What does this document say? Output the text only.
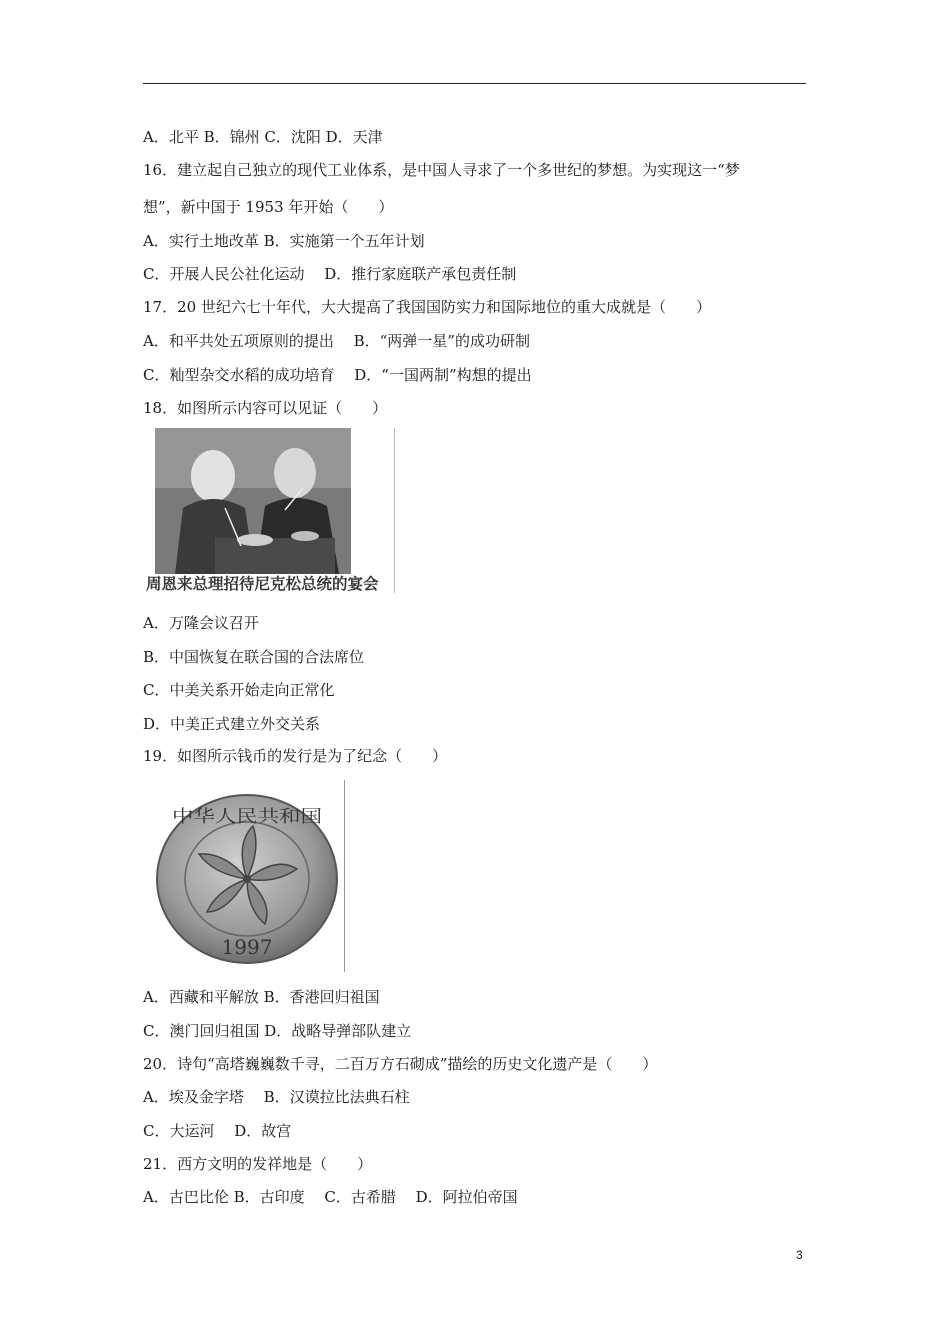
A．北平 B．锦州 C．沈阳 D．天津
16．建立起自己独立的现代工业体系，是中国人寻求了一个多世纪的梦想。为实现这一“梦
想”，新中国于 1953 年开始（　　）
A．实行土地改革 B．实施第一个五年计划
C．开展人民公社化运动　 D．推行家庭联产承包责任制
17．20 世纪六七十年代，大大提高了我国国防实力和国际地位的重大成就是（　　）
A．和平共处五项原则的提出　 B．“两弹一星”的成功研制
C．籼型杂交水稻的成功培育　 D．“一国两制”构想的提出
18．如图所示内容可以见证（　　）
周恩来总理招待尼克松总统的宴会
A．万隆会议召开
B．中国恢复在联合国的合法席位
C．中美关系开始走向正常化
D．中美正式建立外交关系
19．如图所示钱币的发行是为了纪念（　　）
中华人民共和国
1997
A．西藏和平解放 B．香港回归祖国
C．澳门回归祖国 D．战略导弹部队建立
20．诗句“高塔巍巍数千寻，二百万方石砌成”描绘的历史文化遗产是（　　）
A．埃及金字塔　 B．汉谟拉比法典石柱
C．大运河　 D．故宫
21．西方文明的发祥地是（　　）
A．古巴比伦 B．古印度　 C．古希腊　 D．阿拉伯帝国
3
